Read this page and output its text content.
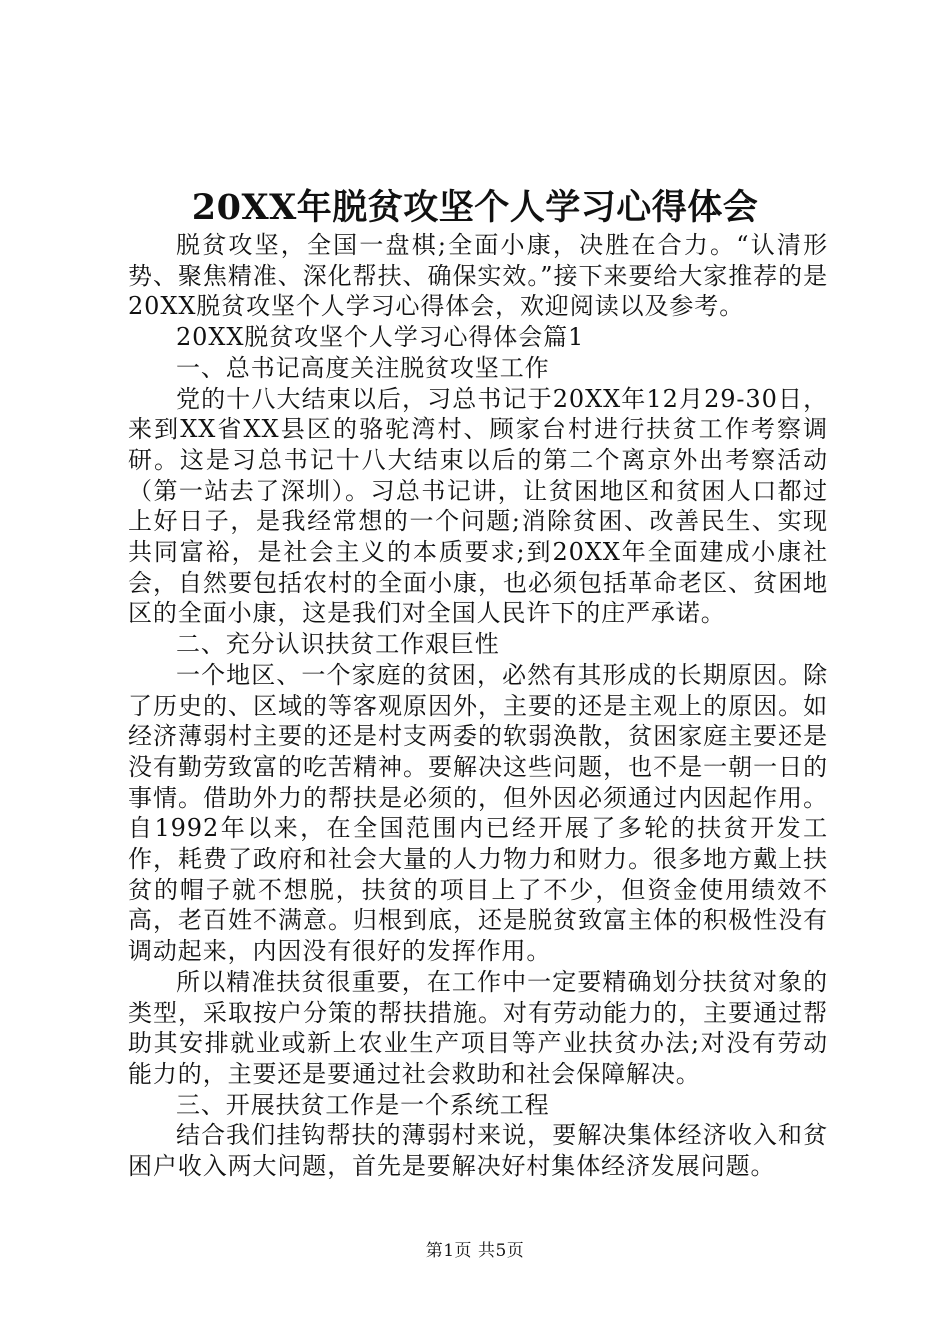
20XX年脱贫攻坚个人学习心得体会

脱贫攻坚，全国一盘棋;全面小康，决胜在合力。“认清形势、聚焦精准、深化帮扶、确保实效。”接下来要给大家推荐的是20XX脱贫攻坚个人学习心得体会，欢迎阅读以及参考。

20XX脱贫攻坚个人学习心得体会篇1

一、总书记高度关注脱贫攻坚工作

党的十八大结束以后，习总书记于20XX年12月29-30日，来到XX省XX县区的骆驼湾村、顾家台村进行扶贫工作考察调研。这是习总书记十八大结束以后的第二个离京外出考察活动（第一站去了深圳）。习总书记讲，让贫困地区和贫困人口都过上好日子，是我经常想的一个问题;消除贫困、改善民生、实现共同富裕，是社会主义的本质要求;到20XX年全面建成小康社会，自然要包括农村的全面小康，也必须包括革命老区、贫困地区的全面小康，这是我们对全国人民许下的庄严承诺。

二、充分认识扶贫工作艰巨性

一个地区、一个家庭的贫困，必然有其形成的长期原因。除了历史的、区域的等客观原因外，主要的还是主观上的原因。如经济薄弱村主要的还是村支两委的软弱涣散，贫困家庭主要还是没有勤劳致富的吃苦精神。要解决这些问题，也不是一朝一日的事情。借助外力的帮扶是必须的，但外因必须通过内因起作用。自1992年以来，在全国范围内已经开展了多轮的扶贫开发工作，耗费了政府和社会大量的人力物力和财力。很多地方戴上扶贫的帽子就不想脱，扶贫的项目上了不少，但资金使用绩效不高，老百姓不满意。归根到底，还是脱贫致富主体的积极性没有调动起来，内因没有很好的发挥作用。

所以精准扶贫很重要，在工作中一定要精确划分扶贫对象的类型，采取按户分策的帮扶措施。对有劳动能力的，主要通过帮助其安排就业或新上农业生产项目等产业扶贫办法;对没有劳动能力的，主要还是要通过社会救助和社会保障解决。

三、开展扶贫工作是一个系统工程

结合我们挂钩帮扶的薄弱村来说，要解决集体经济收入和贫困户收入两大问题，首先是要解决好村集体经济发展问题。

第1页 共5页
